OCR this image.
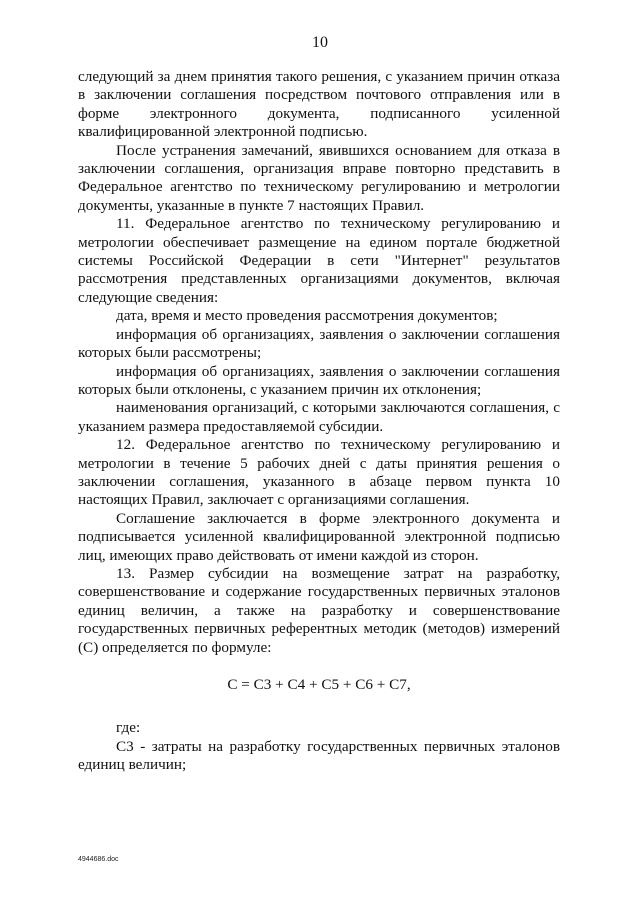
10

следующий за днем принятия такого решения, с указанием причин отказа в заключении соглашения посредством почтового отправления или в форме электронного документа, подписанного усиленной квалифицированной электронной подписью.

После устранения замечаний, явившихся основанием для отказа в заключении соглашения, организация вправе повторно представить в Федеральное агентство по техническому регулированию и метрологии документы, указанные в пункте 7 настоящих Правил.

11. Федеральное агентство по техническому регулированию и метрологии обеспечивает размещение на едином портале бюджетной системы Российской Федерации в сети "Интернет" результатов рассмотрения представленных организациями документов, включая следующие сведения:

дата, время и место проведения рассмотрения документов;

информация об организациях, заявления о заключении соглашения которых были рассмотрены;

информация об организациях, заявления о заключении соглашения которых были отклонены, с указанием причин их отклонения;

наименования организаций, с которыми заключаются соглашения, с указанием размера предоставляемой субсидии.

12. Федеральное агентство по техническому регулированию и метрологии в течение 5 рабочих дней с даты принятия решения о заключении соглашения, указанного в абзаце первом пункта 10 настоящих Правил, заключает с организациями соглашения.

Соглашение заключается в форме электронного документа и подписывается усиленной квалифицированной электронной подписью лиц, имеющих право действовать от имени каждой из сторон.

13. Размер субсидии на возмещение затрат на разработку, совершенствование и содержание государственных первичных эталонов единиц величин, а также на разработку и совершенствование государственных первичных референтных методик (методов) измерений (С) определяется по формуле:

С = С3 + С4 + С5 + С6 + С7,

где:

С3 - затраты на разработку государственных первичных эталонов единиц величин;

4944686.doc
